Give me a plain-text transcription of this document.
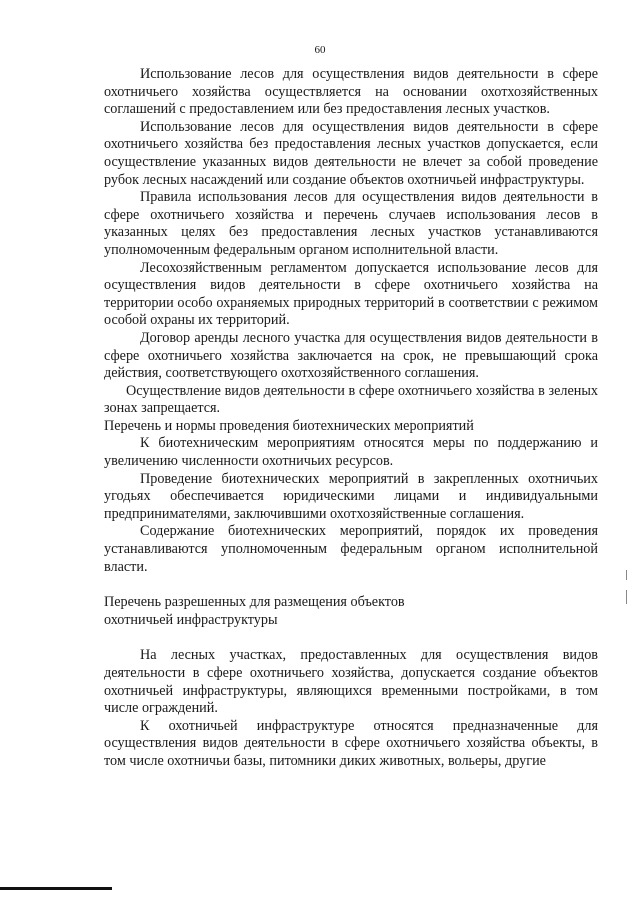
60

Использование лесов для осуществления видов деятельности в сфере охотничьего хозяйства осуществляется на основании охотхозяйственных соглашений с предоставлением или без предоставления лесных участков.

Использование лесов для осуществления видов деятельности в сфере охотничьего хозяйства без предоставления лесных участков допускается, если осуществление указанных видов деятельности не влечет за собой проведение рубок лесных насаждений или создание объектов охотничьей инфраструктуры.

Правила использования лесов для осуществления видов деятельности в сфере охотничьего хозяйства и перечень случаев использования лесов в указанных целях без предоставления лесных участков устанавливаются уполномоченным федеральным органом исполнительной власти.

Лесохозяйственным регламентом допускается использование лесов для осуществления видов деятельности в сфере охотничьего хозяйства на территории особо охраняемых природных территорий в соответствии с режимом особой охраны их территорий.

Договор аренды лесного участка для осуществления видов деятельности в сфере охотничьего хозяйства заключается на срок, не превышающий срока действия, соответствующего охотхозяйственного соглашения.

Осуществление видов деятельности в сфере охотничьего хозяйства в зеленых зонах запрещается.

Перечень и нормы проведения биотехнических мероприятий

К биотехническим мероприятиям относятся меры по поддержанию и увеличению численности охотничьих ресурсов.

Проведение биотехнических мероприятий в закрепленных охотничьих угодьях обеспечивается юридическими лицами и индивидуальными предпринимателями, заключившими охотхозяйственные соглашения.

Содержание биотехнических мероприятий, порядок их проведения устанавливаются уполномоченным федеральным органом исполнительной власти.

Перечень разрешенных для размещения объектов

охотничьей инфраструктуры

На лесных участках, предоставленных для осуществления видов деятельности в сфере охотничьего хозяйства, допускается создание объектов охотничьей инфраструктуры, являющихся временными постройками, в том числе ограждений.

К охотничьей инфраструктуре относятся предназначенные для осуществления видов деятельности в сфере охотничьего хозяйства объекты, в том числе охотничьи базы, питомники диких животных, вольеры, другие
